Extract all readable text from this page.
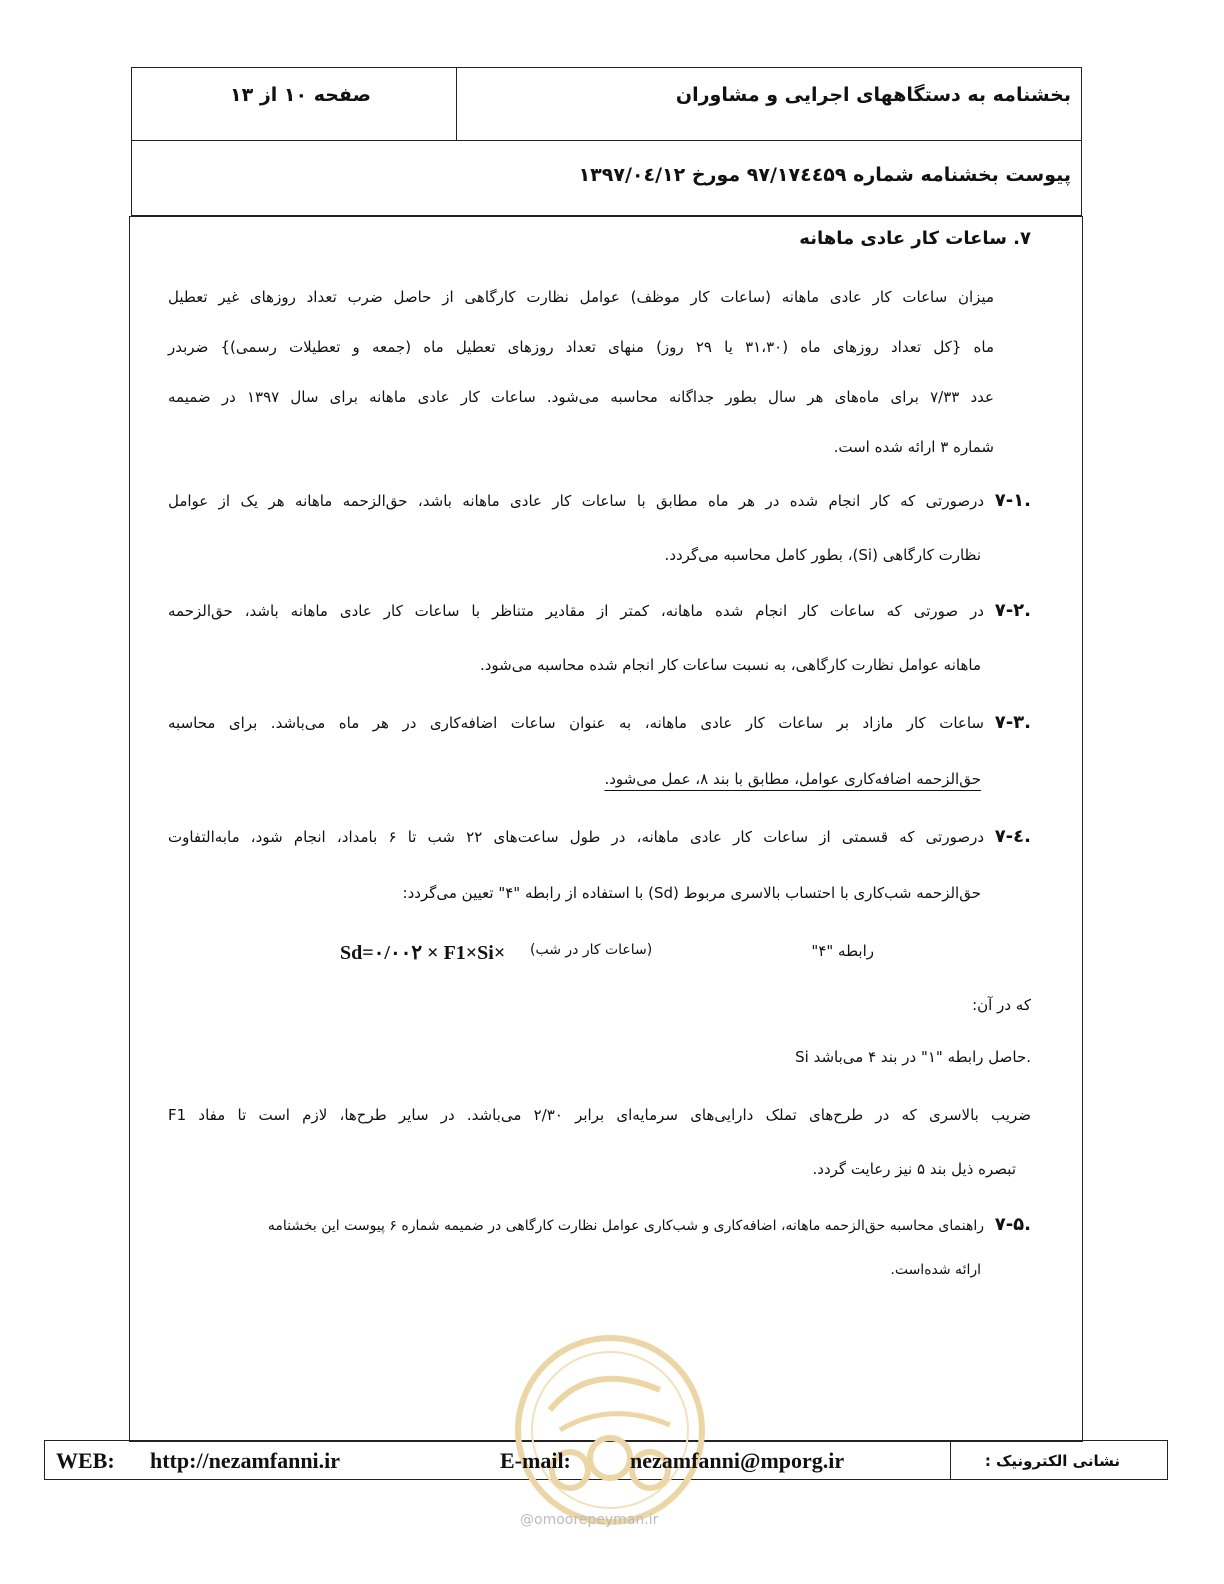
بخشنامه به دستگاههای اجرایی و مشاوران
صفحه ۱۰ از ۱۳
پیوست بخشنامه شماره ۹۷/۱۷٤٤۵۹ مورخ ۱۳۹۷/۰٤/۱۲
۷. ساعات کار عادی ماهانه
میزان ساعات کار عادی ماهانه (ساعات کار موظف) عوامل نظارت کارگاهی از حاصل ضرب تعداد روزهای غیر تعطیل
ماه {کل تعداد روزهای ماه (۳۱،۳۰ یا ۲۹ روز) منهای تعداد روزهای تعطیل ماه (جمعه و تعطیلات رسمی)} ضربدر
عدد ۷/۳۳ برای ماه‌های هر سال بطور جداگانه محاسبه می‌شود. ساعات کار عادی ماهانه برای سال ۱۳۹۷ در ضمیمه
شماره ۳ ارائه شده است.
۷-۱.
درصورتی که کار انجام شده در هر ماه مطابق با ساعات کار عادی ماهانه باشد، حق‌الزحمه ماهانه هر یک از عوامل
نظارت کارگاهی (Si)، بطور کامل محاسبه می‌گردد.
۷-۲.
در صورتی که ساعات کار انجام شده ماهانه، کمتر از مقادیر متناظر با ساعات کار عادی ماهانه باشد، حق‌الزحمه
ماهانه عوامل نظارت کارگاهی، به نسبت ساعات کار انجام شده محاسبه می‌شود.
۷-۳.
ساعات کار مازاد بر ساعات کار عادی ماهانه، به عنوان ساعات اضافه‌کاری در هر ماه می‌باشد. برای محاسبه
حق‌الزحمه اضافه‌کاری عوامل، مطابق با بند ۸، عمل می‌شود.
۷-٤.
درصورتی که قسمتی از ساعات کار عادی ماهانه، در طول ساعت‌های ۲۲ شب تا ۶ بامداد، انجام شود، مابه‌التفاوت
حق‌الزحمه شب‌کاری با احتساب بالاسری مربوط (Sd) با استفاده از رابطه "۴" تعیین می‌گردد:
رابطه "۴"
(ساعات کار در شب)
Sd=۰/۰۰۲ × F1×Si×
که در آن:
Si حاصل رابطه "۱" در بند ۴ می‌باشد.
F1 ضریب بالاسری که در طرح‌های تملک دارایی‌های سرمایه‌ای برابر ۲/۳۰ می‌باشد. در سایر طرح‌ها، لازم است تا مفاد
تبصره ذیل بند ۵ نیز رعایت گردد.
۷-۵.
راهنمای محاسبه حق‌الزحمه ماهانه، اضافه‌کاری و شب‌کاری عوامل نظارت کارگاهی در ضمیمه شماره ۶ پیوست این بخشنامه
ارائه شده‌است.
@omoorepeyman.ir
WEB: http://nezamfanni.ir	E-mail:	nezamfanni@mporg.ir	نشانی الکترونیک :
